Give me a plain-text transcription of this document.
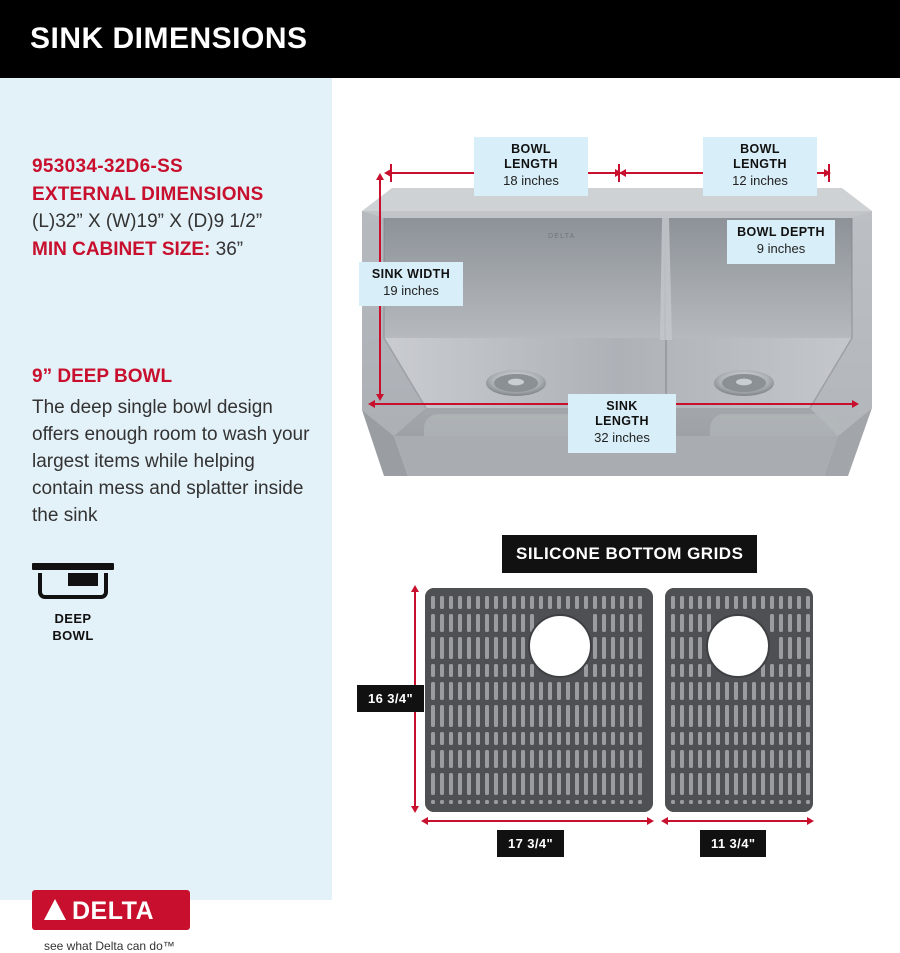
SINK DIMENSIONS
953034-32D6-SS
EXTERNAL DIMENSIONS
(L)32” X (W)19” X (D)9 1/2”
MIN CABINET SIZE: 36”
9” DEEP BOWL
The deep single bowl design offers enough room to wash your largest items while helping contain mess and splatter inside the sink
DEEP
BOWL
DELTA
see what Delta can do™
DELTA
BOWL LENGTH
18 inches
BOWL LENGTH
12 inches
BOWL DEPTH
9 inches
SINK WIDTH
19 inches
SINK LENGTH
32 inches
SILICONE BOTTOM GRIDS
16 3/4"
17 3/4"	11 3/4"
